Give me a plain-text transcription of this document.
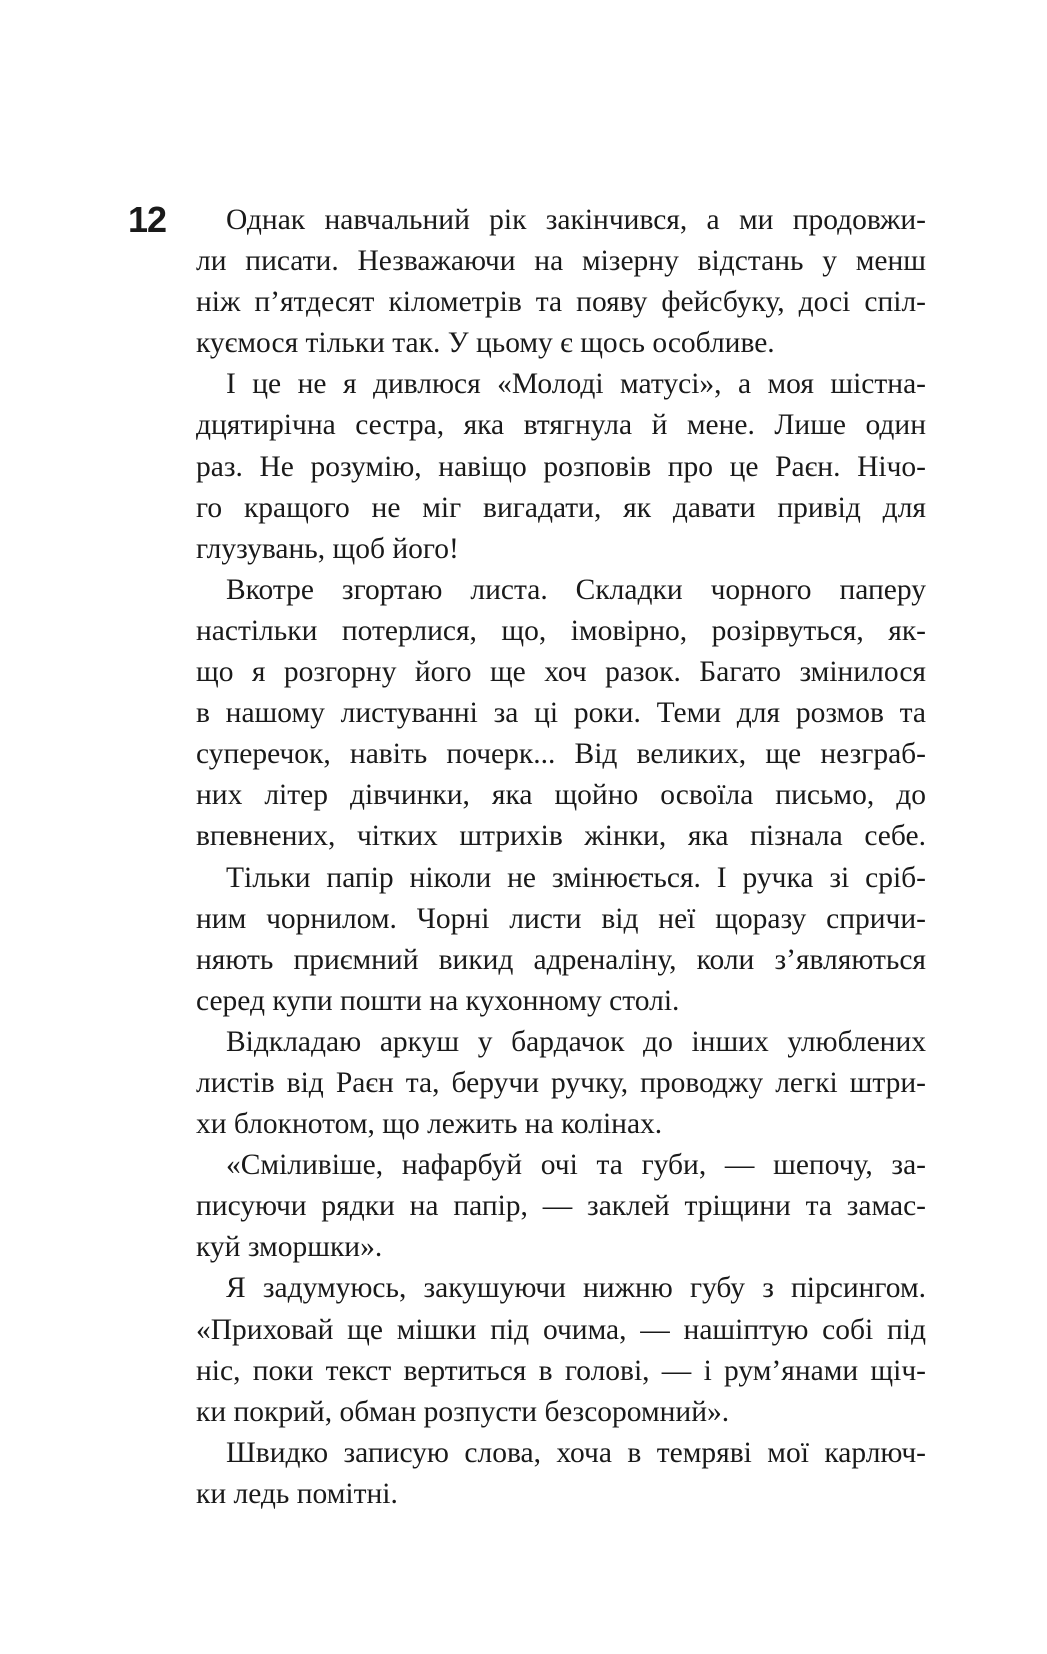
12	Однак навчальний рік закінчився, а ми продовжи-
ли писати. Незважаючи на мізерну відстань у менш
ніж п’ятдесят кілометрів та появу фейсбуку, досі спіл-
куємося тільки так. У цьому є щось особливе.
І це не я дивлюся «Молоді матусі», а моя шістна-
дцятирічна сестра, яка втягнула й мене. Лише один
раз. Не розумію, навіщо розповів про це Раєн. Нічо-
го кращого не міг вигадати, як давати привід для
глузувань, щоб його!
Вкотре згортаю листа. Складки чорного паперу
настільки потерлися, що, імовірно, розірвуться, як-
що я розгорну його ще хоч разок. Багато змінилося
в нашому листуванні за ці роки. Теми для розмов та
суперечок, навіть почерк... Від великих, ще незграб-
них літер дівчинки, яка щойно освоїла письмо, до
впевнених, чітких штрихів жінки, яка пізнала себе.
Тільки папір ніколи не змінюється. І ручка зі сріб-
ним чорнилом. Чорні листи від неї щоразу спричи-
няють приємний викид адреналіну, коли з’являються
серед купи пошти на кухонному столі.
Відкладаю аркуш у бардачок до інших улюблених
листів від Раєн та, беручи ручку, проводжу легкі штри-
хи блокнотом, що лежить на колінах.
«Сміливіше, нафарбуй очі та губи, — шепочу, за-
писуючи рядки на папір, — заклей тріщини та замас-
куй зморшки».
Я задумуюсь, закушуючи нижню губу з пірсингом.
«Приховай ще мішки під очима, — нашіптую собі під
ніс, поки текст вертиться в голові, — і рум’янами щіч-
ки покрий, обман розпусти безсоромний».
Швидко записую слова, хоча в темряві мої карлюч-
ки ледь помітні.
